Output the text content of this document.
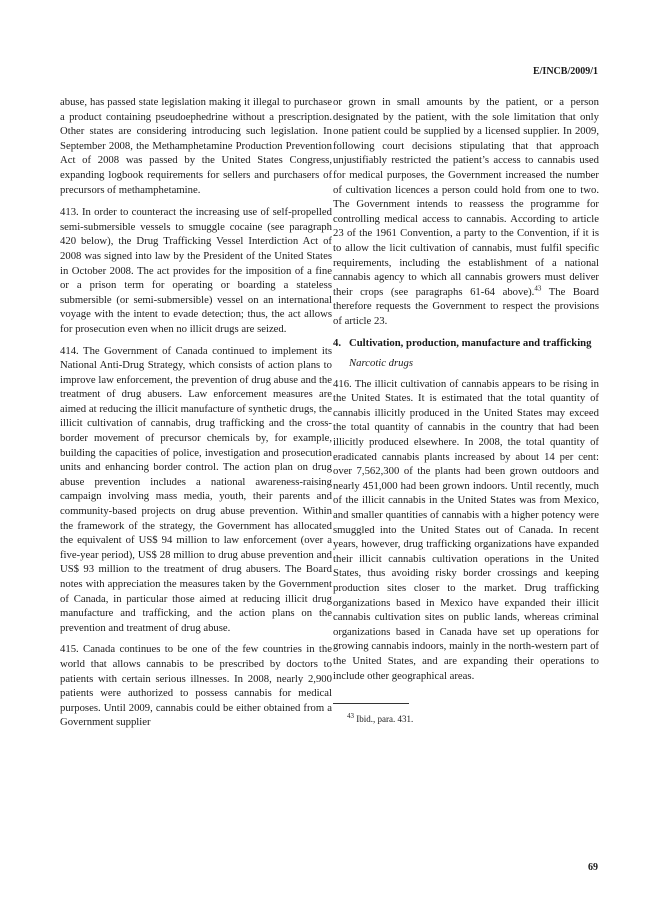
E/INCB/2009/1

abuse, has passed state legislation making it illegal to purchase a product containing pseudoephedrine without a prescription. Other states are considering introducing such legislation. In September 2008, the Methamphetamine Production Prevention Act of 2008 was passed by the United States Congress, expanding logbook requirements for sellers and purchasers of precursors of methamphetamine.

413. In order to counteract the increasing use of self-propelled semi-submersible vessels to smuggle cocaine (see paragraph 420 below), the Drug Trafficking Vessel Interdiction Act of 2008 was signed into law by the President of the United States in October 2008. The act provides for the imposition of a fine or a prison term for operating or boarding a stateless submersible (or semi-submersible) vessel on an international voyage with the intent to evade detection; thus, the act allows for prosecution even when no illicit drugs are seized.

414. The Government of Canada continued to implement its National Anti-Drug Strategy, which consists of action plans to improve law enforcement, the prevention of drug abuse and the treatment of drug abusers. Law enforcement measures are aimed at reducing the illicit manufacture of synthetic drugs, the illicit cultivation of cannabis, drug trafficking and the cross-border movement of precursor chemicals by, for example, building the capacities of police, investigation and prosecution units and enhancing border control. The action plan on drug abuse prevention includes a national awareness-raising campaign involving mass media, youth, their parents and community-based projects on drug abuse prevention. Within the framework of the strategy, the Government has allocated the equivalent of US$ 94 million to law enforcement (over a five-year period), US$ 28 million to drug abuse prevention and US$ 93 million to the treatment of drug abusers. The Board notes with appreciation the measures taken by the Government of Canada, in particular those aimed at reducing illicit drug manufacture and trafficking, and the action plans on the prevention and treatment of drug abuse.

415. Canada continues to be one of the few countries in the world that allows cannabis to be prescribed by doctors to patients with certain serious illnesses. In 2008, nearly 2,900 patients were authorized to possess cannabis for medical purposes. Until 2009, cannabis could be either obtained from a Government supplier

or grown in small amounts by the patient, or a person designated by the patient, with the sole limitation that only one patient could be supplied by a licensed supplier. In 2009, following court decisions stipulating that that approach unjustifiably restricted the patient’s access to cannabis used for medical purposes, the Government increased the number of cultivation licences a person could hold from one to two. The Government intends to reassess the programme for controlling medical access to cannabis. According to article 23 of the 1961 Convention, a party to the Convention, if it is to allow the licit cultivation of cannabis, must fulfil specific requirements, including the establishment of a national cannabis agency to which all cannabis growers must deliver their crops (see paragraphs 61-64 above).$^{43}$ The Board therefore requests the Government to respect the provisions of article 23.

4. Cultivation, production, manufacture and trafficking
Narcotic drugs

416. The illicit cultivation of cannabis appears to be rising in the United States. It is estimated that the total quantity of cannabis illicitly produced in the United States may exceed the total quantity of cannabis in the country that had been illicitly produced elsewhere. In 2008, the total quantity of eradicated cannabis plants increased by about 14 per cent: over 7,562,300 of the plants had been grown outdoors and nearly 451,000 had been grown indoors. Until recently, much of the illicit cannabis in the United States was from Mexico, and smaller quantities of cannabis with a higher potency were smuggled into the United States out of Canada. In recent years, however, drug trafficking organizations have expanded their illicit cannabis cultivation operations in the United States, thus avoiding risky border crossings and keeping production sites closer to the market. Drug trafficking organizations based in Mexico have expanded their illicit cannabis cultivation sites on public lands, whereas criminal organizations based in Canada have set up operations for growing cannabis indoors, mainly in the north-western part of the United States, and are expanding their operations to include other geographical areas.

$^{43}$ Ibid., para. 431.
69
